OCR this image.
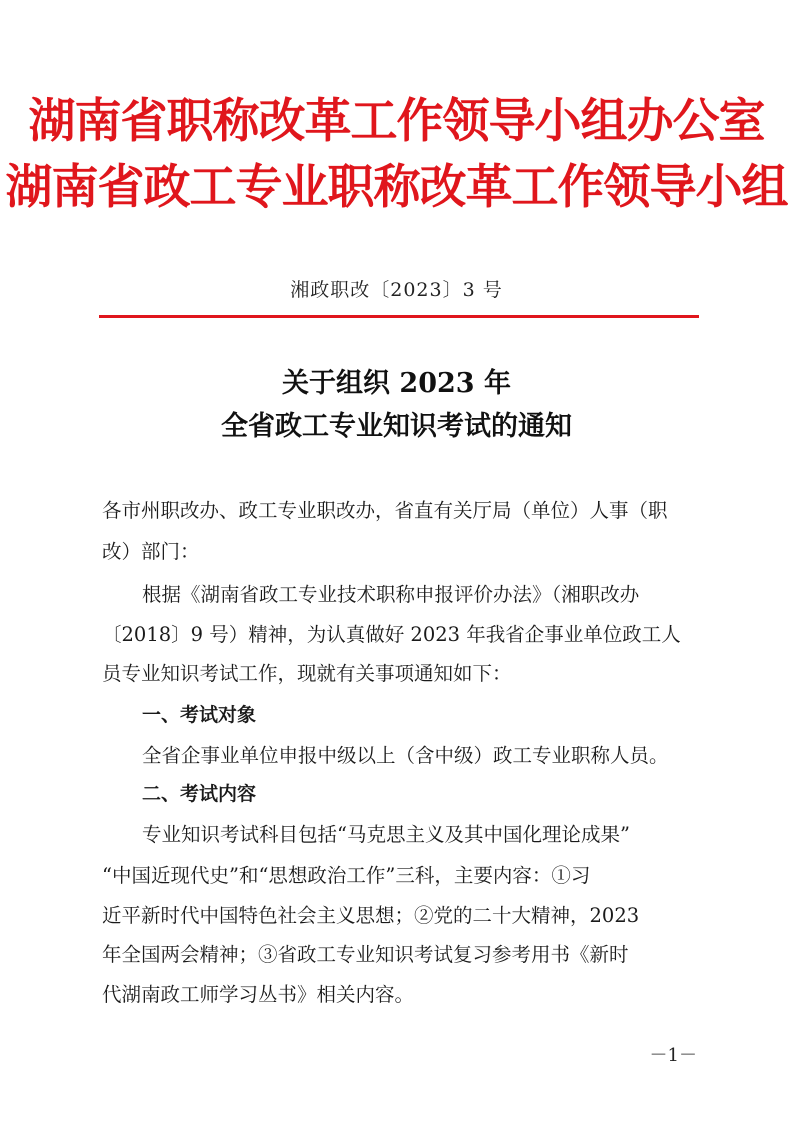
湖南省职称改革工作领导小组办公室
湖南省政工专业职称改革工作领导小组
湘政职改〔2023〕3 号
关于组织 2023 年
全省政工专业知识考试的通知
各市州职改办、政工专业职改办，省直有关厅局（单位）人事（职
改）部门：
根据《湖南省政工专业技术职称申报评价办法》（湘职改办
〔2018〕9 号）精神，为认真做好 2023 年我省企事业单位政工人
员专业知识考试工作，现就有关事项通知如下：
一、考试对象
全省企事业单位申报中级以上（含中级）政工专业职称人员。
二、考试内容
专业知识考试科目包括“马克思主义及其中国化理论成果”
“中国近现代史”和“思想政治工作”三科，主要内容：①习
近平新时代中国特色社会主义思想；②党的二十大精神，2023
年全国两会精神；③省政工专业知识考试复习参考用书《新时
代湖南政工师学习丛书》相关内容。
－1－
